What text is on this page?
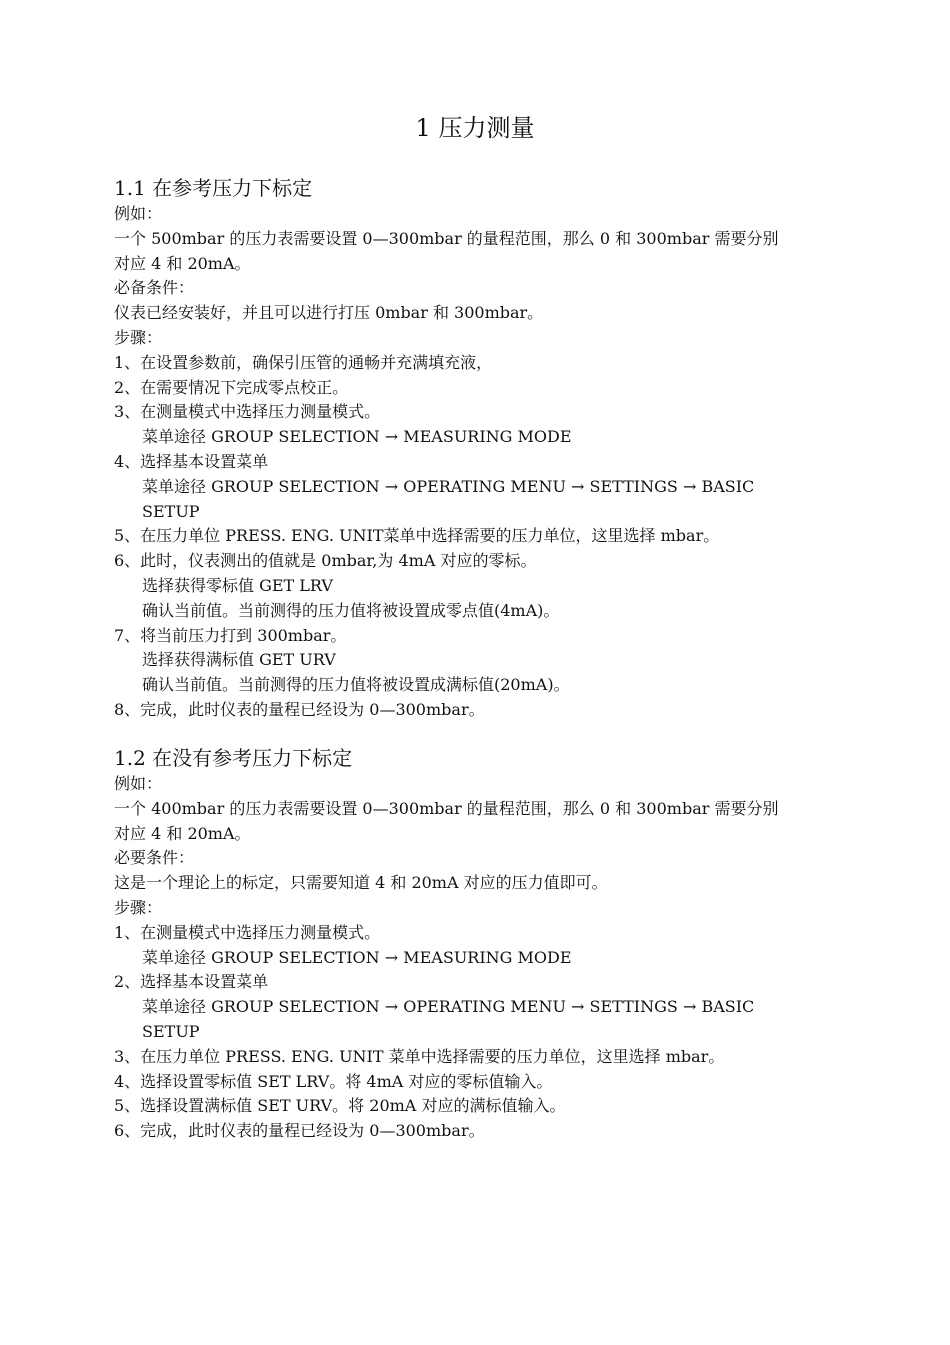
1 压力测量
1.1 在参考压力下标定
例如：
一个 500mbar 的压力表需要设置 0—300mbar 的量程范围，那么 0 和 300mbar 需要分别
对应 4 和 20mA。
必备条件：
仪表已经安装好，并且可以进行打压 0mbar 和 300mbar。
步骤：
1、在设置参数前，确保引压管的通畅并充满填充液，
2、在需要情况下完成零点校正。
3、在测量模式中选择压力测量模式。
菜单途径 GROUP SELECTION → MEASURING MODE
4、选择基本设置菜单
菜单途径 GROUP SELECTION → OPERATING MENU → SETTINGS → BASIC
SETUP
5、在压力单位 PRESS. ENG. UNIT菜单中选择需要的压力单位，这里选择 mbar。
6、此时，仪表测出的值就是 0mbar,为 4mA 对应的零标。
选择获得零标值 GET LRV
确认当前值。当前测得的压力值将被设置成零点值(4mA)。
7、将当前压力打到 300mbar。
选择获得满标值 GET URV
确认当前值。当前测得的压力值将被设置成满标值(20mA)。
8、完成，此时仪表的量程已经设为 0—300mbar。
1.2 在没有参考压力下标定
例如：
一个 400mbar 的压力表需要设置 0—300mbar 的量程范围，那么 0 和 300mbar 需要分别
对应 4 和 20mA。
必要条件：
这是一个理论上的标定，只需要知道 4 和 20mA 对应的压力值即可。
步骤：
1、在测量模式中选择压力测量模式。
菜单途径 GROUP SELECTION → MEASURING MODE
2、选择基本设置菜单
菜单途径 GROUP SELECTION → OPERATING MENU → SETTINGS → BASIC
SETUP
3、在压力单位 PRESS. ENG. UNIT 菜单中选择需要的压力单位，这里选择 mbar。
4、选择设置零标值 SET LRV。将 4mA 对应的零标值输入。
5、选择设置满标值 SET URV。将 20mA 对应的满标值输入。
6、完成，此时仪表的量程已经设为 0—300mbar。
